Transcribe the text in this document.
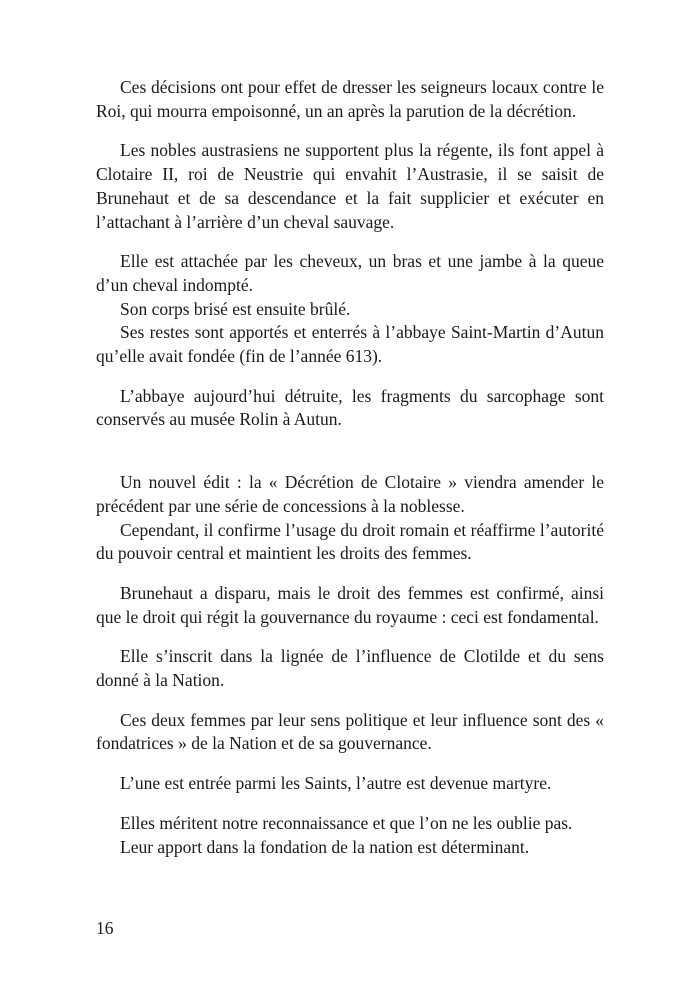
Ces décisions ont pour effet de dresser les seigneurs locaux contre le Roi, qui mourra empoisonné, un an après la parution de la décrétion.

Les nobles austrasiens ne supportent plus la régente, ils font appel à Clotaire II, roi de Neustrie qui envahit l’Austrasie, il se saisit de Brunehaut et de sa descendance et la fait supplicier et exécuter en l’attachant à l’arrière d’un cheval sauvage.

Elle est attachée par les cheveux, un bras et une jambe à la queue d’un cheval indompté.

Son corps brisé est ensuite brûlé.

Ses restes sont apportés et enterrés à l’abbaye Saint-Martin d’Autun qu’elle avait fondée (fin de l’année 613).

L’abbaye aujourd’hui détruite, les fragments du sarcophage sont conservés au musée Rolin à Autun.

Un nouvel édit : la « Décrétion de Clotaire » viendra amender le précédent par une série de concessions à la noblesse.

Cependant, il confirme l’usage du droit romain et réaffirme l’autorité du pouvoir central et maintient les droits des femmes.

Brunehaut a disparu, mais le droit des femmes est confirmé, ainsi que le droit qui régit la gouvernance du royaume : ceci est fondamental.

Elle s’inscrit dans la lignée de l’influence de Clotilde et du sens donné à la Nation.

Ces deux femmes par leur sens politique et leur influence sont des « fondatrices » de la Nation et de sa gouvernance.

L’une est entrée parmi les Saints, l’autre est devenue martyre.

Elles méritent notre reconnaissance et que l’on ne les oublie pas.

Leur apport dans la fondation de la nation est déterminant.

16
